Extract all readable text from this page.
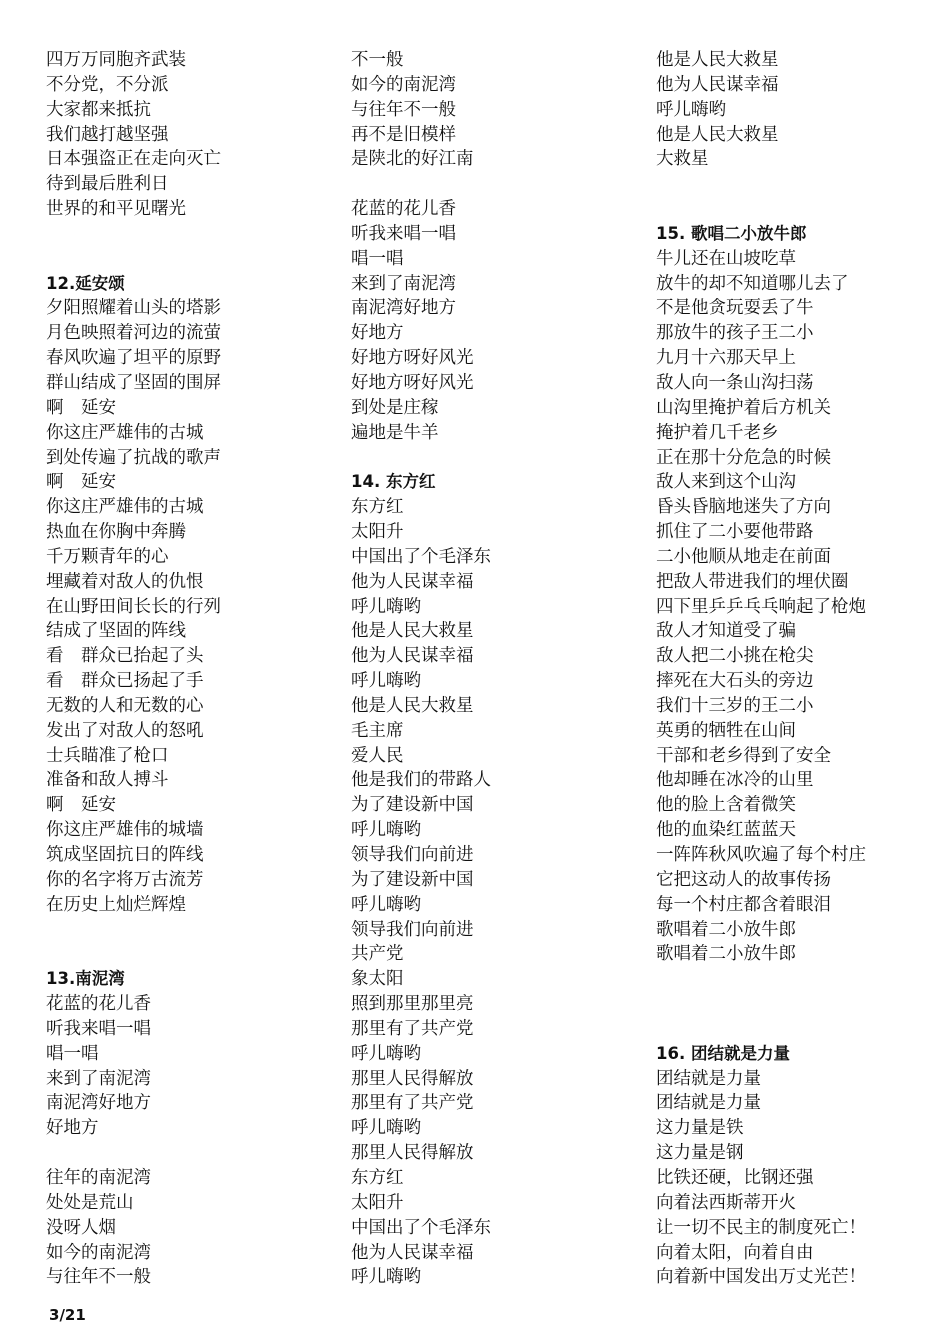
四万万同胞齐武装
不分党，不分派
大家都来抵抗
我们越打越坚强
日本强盗正在走向灭亡
待到最后胜利日
世界的和平见曙光
12.延安颂
夕阳照耀着山头的塔影
月色映照着河边的流萤
春风吹遍了坦平的原野
群山结成了坚固的围屏
啊　延安
你这庄严雄伟的古城
到处传遍了抗战的歌声
啊　延安
你这庄严雄伟的古城
热血在你胸中奔腾
千万颗青年的心
埋藏着对敌人的仇恨
在山野田间长长的行列
结成了坚固的阵线
看　群众已抬起了头
看　群众已扬起了手
无数的人和无数的心
发出了对敌人的怒吼
士兵瞄准了枪口
准备和敌人搏斗
啊　延安
你这庄严雄伟的城墙
筑成坚固抗日的阵线
你的名字将万古流芳
在历史上灿烂辉煌
13.南泥湾
花蓝的花儿香
听我来唱一唱
唱一唱
来到了南泥湾
南泥湾好地方
好地方
往年的南泥湾
处处是荒山
没呀人烟
如今的南泥湾
与往年不一般
不一般
如今的南泥湾
与往年不一般
再不是旧模样
是陕北的好江南
花蓝的花儿香
听我来唱一唱
唱一唱
来到了南泥湾
南泥湾好地方
好地方
好地方呀好风光
好地方呀好风光
到处是庄稼
遍地是牛羊
14. 东方红
东方红
太阳升
中国出了个毛泽东
他为人民谋幸福
呼儿嗨哟
他是人民大救星
他为人民谋幸福
呼儿嗨哟
他是人民大救星
毛主席
爱人民
他是我们的带路人
为了建设新中国
呼儿嗨哟
领导我们向前进
为了建设新中国
呼儿嗨哟
领导我们向前进
共产党
象太阳
照到那里那里亮
那里有了共产党
呼儿嗨哟
那里人民得解放
那里有了共产党
呼儿嗨哟
那里人民得解放
东方红
太阳升
中国出了个毛泽东
他为人民谋幸福
呼儿嗨哟
他是人民大救星
他为人民谋幸福
呼儿嗨哟
他是人民大救星
大救星
15. 歌唱二小放牛郎
牛儿还在山坡吃草
放牛的却不知道哪儿去了
不是他贪玩耍丢了牛
那放牛的孩子王二小
九月十六那天早上
敌人向一条山沟扫荡
山沟里掩护着后方机关
掩护着几千老乡
正在那十分危急的时候
敌人来到这个山沟
昏头昏脑地迷失了方向
抓住了二小要他带路
二小他顺从地走在前面
把敌人带进我们的埋伏圈
四下里乒乒乓乓响起了枪炮
敌人才知道受了骗
敌人把二小挑在枪尖
摔死在大石头的旁边
我们十三岁的王二小
英勇的牺牲在山间
干部和老乡得到了安全
他却睡在冰冷的山里
他的脸上含着微笑
他的血染红蓝蓝天
一阵阵秋风吹遍了每个村庄
它把这动人的故事传扬
每一个村庄都含着眼泪
歌唱着二小放牛郎
歌唱着二小放牛郎
16. 团结就是力量
团结就是力量
团结就是力量
这力量是铁
这力量是钢
比铁还硬，比钢还强
向着法西斯蒂开火
让一切不民主的制度死亡！
向着太阳，向着自由
向着新中国发出万丈光芒！
3/21
